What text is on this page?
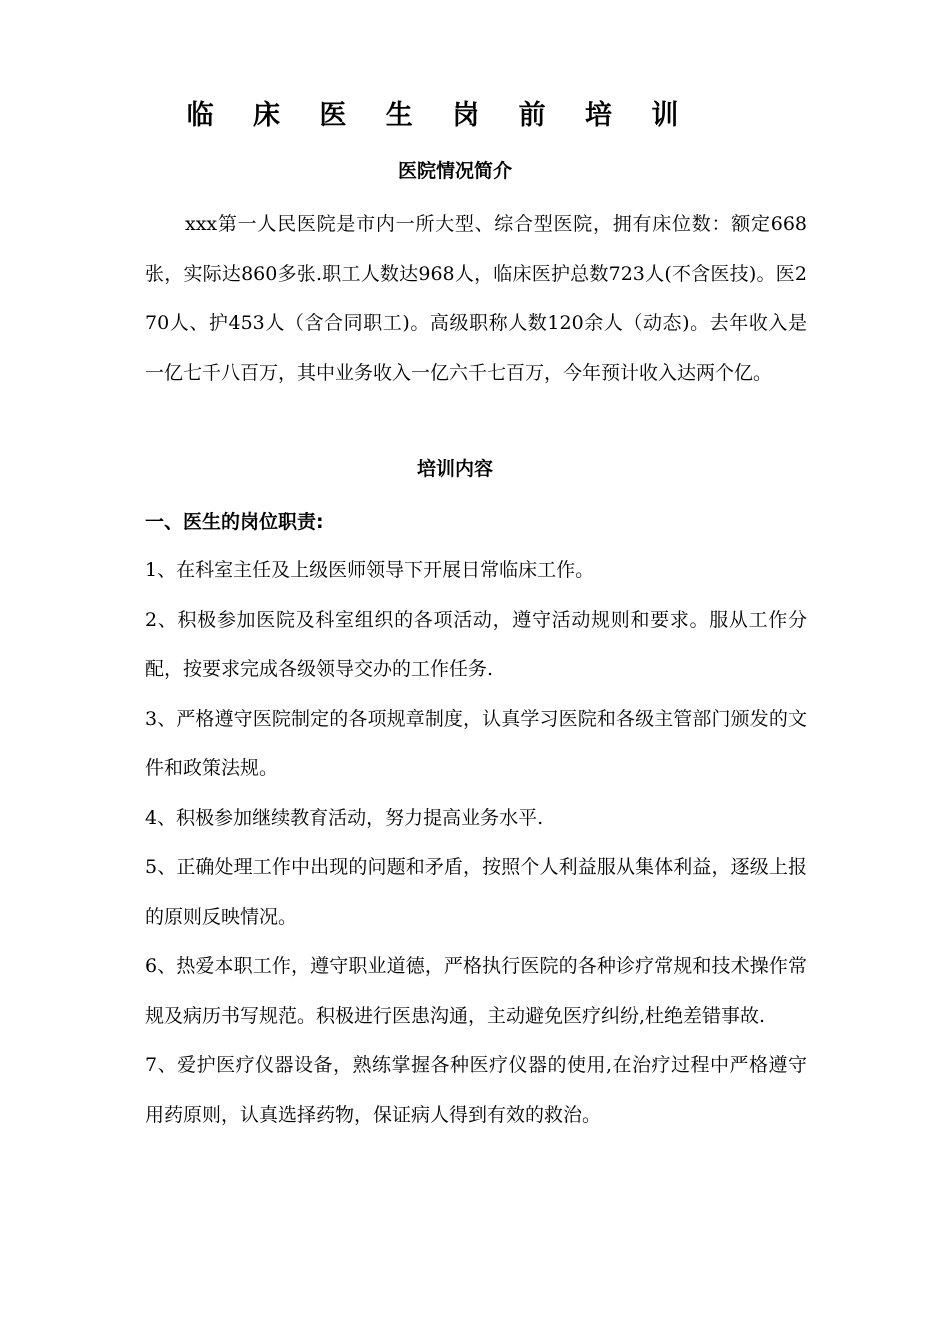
临 床 医 生 岗 前 培 训
医院情况简介

xxx第一人民医院是市内一所大型、综合型医院，拥有床位数：额定668张，实际达860多张.职工人数达968人，临床医护总数723人(不含医技)。医270人、护453人（含合同职工)。高级职称人数120余人（动态)。去年收入是一亿七千八百万，其中业务收入一亿六千七百万，今年预计收入达两个亿。

培训内容
一、医生的岗位职责:

1、在科室主任及上级医师领导下开展日常临床工作。

2、积极参加医院及科室组织的各项活动，遵守活动规则和要求。服从工作分配，按要求完成各级领导交办的工作任务.

3、严格遵守医院制定的各项规章制度，认真学习医院和各级主管部门颁发的文件和政策法规。

4、积极参加继续教育活动，努力提高业务水平.

5、正确处理工作中出现的问题和矛盾，按照个人利益服从集体利益，逐级上报的原则反映情况。

6、热爱本职工作，遵守职业道德，严格执行医院的各种诊疗常规和技术操作常规及病历书写规范。积极进行医患沟通，主动避免医疗纠纷,杜绝差错事故.

7、爱护医疗仪器设备，熟练掌握各种医疗仪器的使用,在治疗过程中严格遵守用药原则，认真选择药物，保证病人得到有效的救治。
